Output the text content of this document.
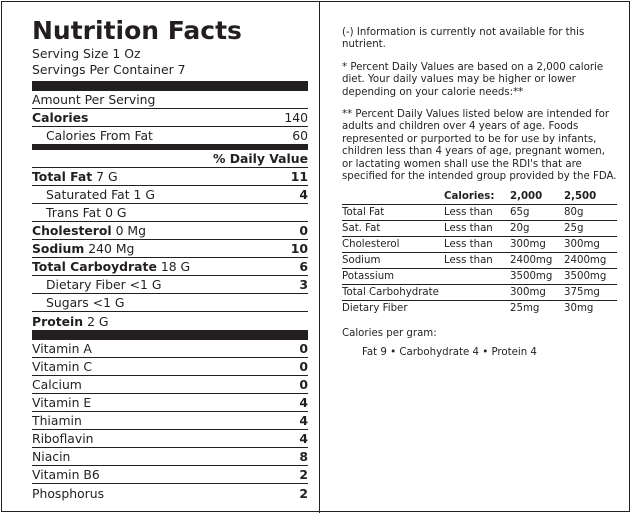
Nutrition Facts
Serving Size 1 Oz
Servings Per Container 7
Amount Per Serving
Calories	140
Calories From Fat	60
% Daily Value
Total Fat 7 G	11
Saturated Fat 1 G	4
Trans Fat 0 G
Cholesterol 0 Mg	0
Sodium 240 Mg	10
Total Carboydrate 18 G	6
Dietary Fiber <1 G	3
Sugars <1 G
Protein 2 G
Vitamin A	0
Vitamin C	0
Calcium	0
Vitamin E	4
Thiamin	4
Riboflavin	4
Niacin	8
Vitamin B6	2
Phosphorus	2

(-) Information is currently not available for this nutrient.

* Percent Daily Values are based on a 2,000 calorie diet. Your daily values may be higher or lower depending on your calorie needs:**

** Percent Daily Values listed below are intended for adults and children over 4 years of age. Foods represented or purported to be for use by infants, children less than 4 years of age, pregnant women, or lactating women shall use the RDI's that are specified for the intended group provided by the FDA.

	Calories:	2,000	2,500
Total Fat	Less than	65g	80g
Sat. Fat	Less than	20g	25g
Cholesterol	Less than	300mg	300mg
Sodium	Less than	2400mg	2400mg
Potassium		3500mg	3500mg
Total Carbohydrate		300mg	375mg
Dietary Fiber		25mg	30mg
Calories per gram:
Fat 9 • Carbohydrate 4 • Protein 4
